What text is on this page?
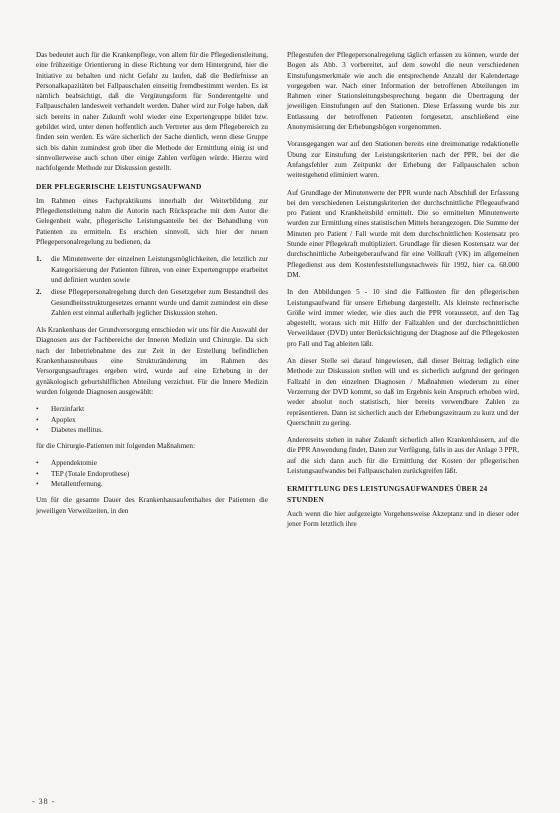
Das bedeutet auch für die Krankenpflege, von allem für die Pflegedienstleitung, eine frühzeitige Orientierung in diese Richtung vor dem Hintergrund, hier die Initiative zu behalten und nicht Gefahr zu laufen, daß die Bedürfnisse an Personalkapazitäten bei Fallpauschalen einseitig fremdbestimmt werden. Es ist nämlich beabsichtigt, daß die Vergütungsform für Sonderentgelte und Fallpauschalen landesweit verhandelt werden. Daher wird zur Folge haben, daß sich bereits in naher Zukunft wohl wieder eine Expertengruppe bildet bzw. gebildet wird, unter denen hoffentlich auch Vertreter aus dem Pflegebereich zu finden sein werden. Es wäre sicherlich der Sache dienlich, wenn diese Gruppe sich bis dahin zumindest grob über die Methode der Ermittlung einig ist und sinnvollerweise auch schon über einige Zahlen verfügen würde. Hierzu wird nachfolgende Methode zur Diskussion gestellt.

DER PFLEGERISCHE LEISTUNGSAUFWAND

Im Rahmen eines Fachpraktikums innerhalb der Weiterbildung zur Pflegedienstleitung nahm die Autorin nach Rücksprache mit dem Autor die Gelegenheit wahr, pflegerische Leistungsanteile bei der Behandlung von Patienten zu ermitteln. Es erschien sinnvoll, sich hier der neuen Pflegepersonalregelung zu bedienen, da

1.	die Minutenwerte der einzelnen Leistungsmöglichkeiten, die letztlich zur Kategorisierung der Patienten führen, von einer Expertengruppe erarbeitet und definiert wurden sowie
2.	diese Pflegepersonalregelung durch den Gesetzgeber zum Bestandteil des Gesundheitsstrukturgesetzes ernannt wurde und damit zumindest ein diese Zahlen erst einmal außerhalb jeglicher Diskussion stehen.

Als Krankenhaus der Grundversorgung entschieden wir uns für die Auswahl der Diagnosen aus der Fachbereiche der Inneren Medizin und Chirurgie. Da sich nach der Inbetriebnahme des zur Zeit in der Erstellung befindlichen Krankenhausneubaus eine Strukturänderung im Rahmen des Versorgungsauftrages ergeben wird, wurde auf eine Erhebung in der gynäkologisch geburtshilflichen Abteilung verzichtet. Für die Innere Medizin wurden folgende Diagnosen ausgewählt:

•	Herzinfarkt
•	Apoplex
•	Diabetes mellitus.

für die Chirurgie-Patienten mit folgenden Maßnahmen:

•	Appendektomie
•	TEP (Totale Endoprothese)
•	Metallentfernung.

Um für die gesamte Dauer des Krankenhausaufenthaltes der Patienten die jeweiligen Verweilzeiten, in den

Pflegestufen der Pflegepersonalregelung täglich erfassen zu können, wurde der Bogen als Abb. 3 vorbereitet, auf dem sowohl die neun verschiedenen Einstufungsmerkmale wie auch die entsprechende Anzahl der Kalendertage vorgegeben war. Nach einer Information der betroffenen Abteilungen im Rahmen einer Stationsleitungsbesprechung begann die Übertragung der jeweiligen Einstufungen auf den Stationen. Diese Erfassung wurde bis zur Entlassung der betroffenen Patienten fortgesetzt, anschließend eine Anonymisierung der Erhebungsbögen vorgenommen.

Vorausgegangen war auf den Stationen bereits eine dreimonatige redaktionelle Übung zur Einstufung der Leistungskriterien nach der PPR, bei der die Anfangsfehler zum Zeitpunkt der Erhebung der Fallpauschalen schon weitestgehend eliminiert waren.

Auf Grundlage der Minutenwerte der PPR wurde nach Abschluß der Erfassung bei den verschiedenen Leistungskriterien der durchschnittliche Pflegeaufwand pro Patient und Krankheitsbild ermittelt. Die so ermittelten Minutenwerte wurden zur Ermittlung eines statistischen Mittels herangezogen. Die Summe der Minuten pro Patient / Fall wurde mit dem durchschnittlichen Kostensatz pro Stunde einer Pflegekraft multipliziert. Grundlage für diesen Kostensatz war der durchschnittliche Arbeitgeberaufwand für eine Vollkraft (VK) im allgemeinen Pflegedienst aus dem Kostenfeststellungsnachweis für 1992, hier ca. 68.000 DM.

In den Abbildungen 5 - 10 sind die Fallkosten für den pflegerischen Leistungsaufwand für unsere Erhebung dargestellt. Als kleinste rechnerische Größe wird immer wieder, wie dies auch die PPR voraussetzt, auf den Tag abgestellt, woraus sich mit Hilfe der Fallzahlen und der durchschnittlichen Verweildauer (DVD) unter Berücksichtigung der Diagnose auf die Pflegekosten pro Fall und Tag ableiten läßt.

An dieser Stelle sei darauf hingewiesen, daß dieser Beitrag lediglich eine Methode zur Diskussion stellen will und es sicherlich aufgrund der geringen Fallzahl in den einzelnen Diagnosen / Maßnahmen wiederum zu einer Verzerrung der DVD kommt, so daß im Ergebnis kein Anspruch erhoben wird, weder absolut noch statistisch, hier bereits verwendbare Zahlen zu repräsentieren. Dann ist sicherlich auch der Erhebungszeitraum zu kurz und der Querschnitt zu gering.

Andererseits stehen in naher Zukunft sicherlich allen Krankenhäusern, auf die die PPR Anwendung findet, Daten zur Verfügung, falls in aus der Anlage 3 PPR, auf die sich dann auch für die Ermittlung der Kosten der pflegerischen Leistungsaufwandes bei Fallpauschalen zurückgreifen läßt.

ERMITTLUNG DES LEISTUNGSAUFWANDES ÜBER 24 STUNDEN

Auch wenn die hier aufgezeigte Vorgehensweise Akzeptanz und in dieser oder jener Form letztlich ihre

- 38 -
